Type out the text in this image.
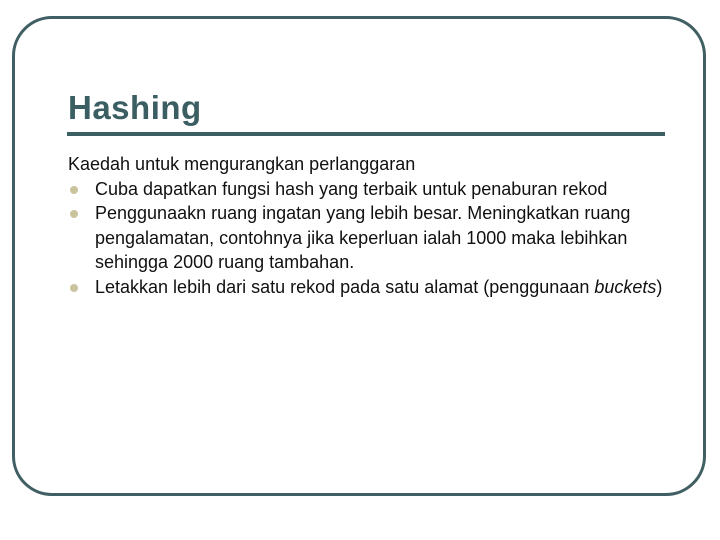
Hashing

Kaedah untuk mengurangkan perlanggaran

Cuba dapatkan fungsi hash yang terbaik untuk penaburan rekod
Penggunaakn ruang ingatan yang lebih besar. Meningkatkan ruang pengalamatan, contohnya jika keperluan ialah 1000 maka lebihkan sehingga 2000 ruang tambahan.
Letakkan lebih dari satu rekod pada satu alamat (penggunaan buckets)
